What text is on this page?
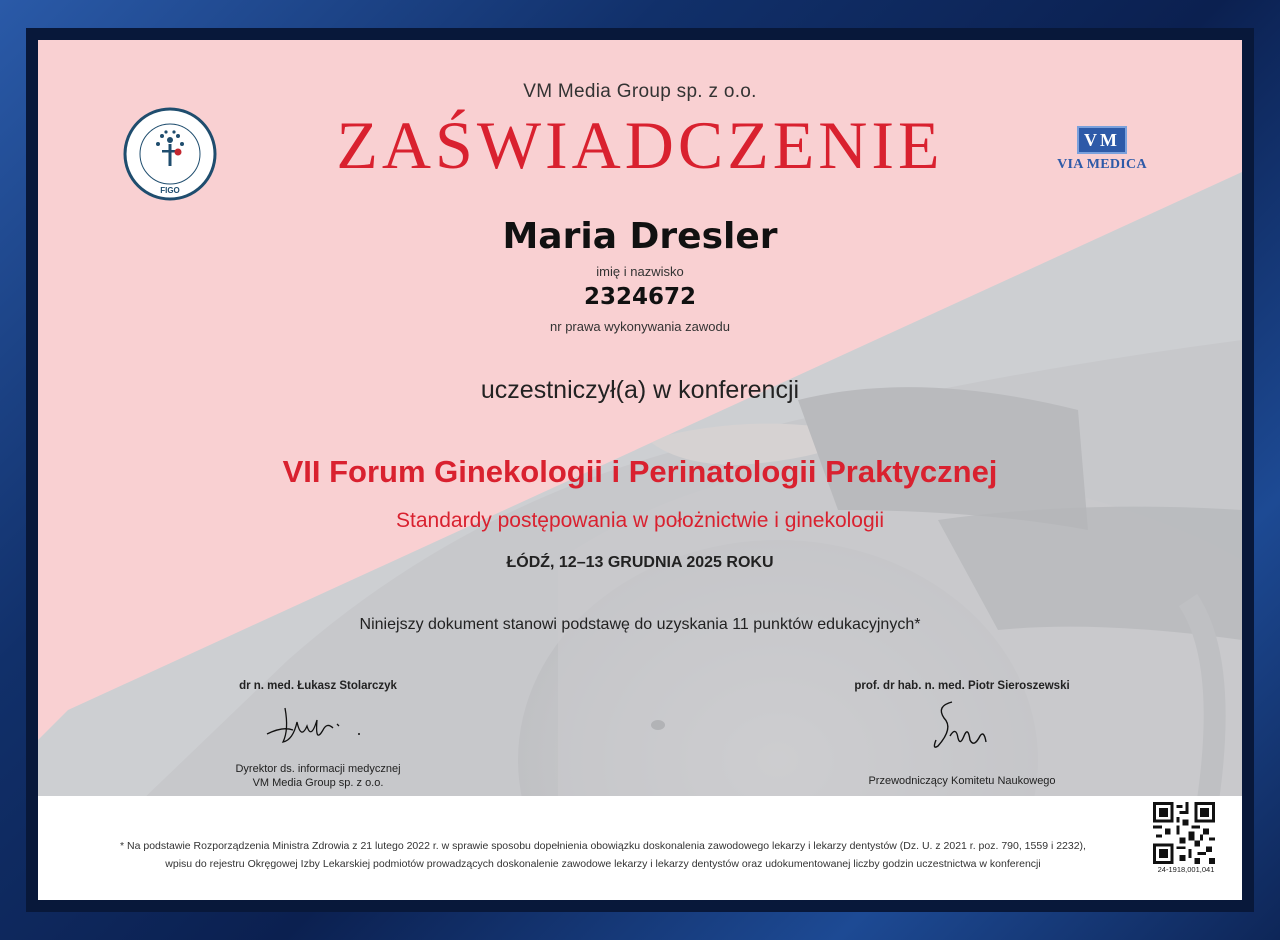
FIGO
VM
VIA MEDICA
VM Media Group sp. z o.o.
ZAŚWIADCZENIE
Maria Dresler
imię i nazwisko
2324672
nr prawa wykonywania zawodu
uczestniczył(a) w konferencji
VII Forum Ginekologii i Perinatologii Praktycznej
Standardy postępowania w położnictwie i ginekologii
ŁÓDŹ, 12–13 GRUDNIA 2025 ROKU
Niniejszy dokument stanowi podstawę do uzyskania 11 punktów edukacyjnych*
dr n. med. Łukasz Stolarczyk
Dyrektor ds. informacji medycznej
VM Media Group sp. z o.o.
prof. dr hab. n. med. Piotr Sieroszewski
Przewodniczący Komitetu Naukowego
* Na podstawie Rozporządzenia Ministra Zdrowia z 21 lutego 2022 r. w sprawie sposobu dopełnienia obowiązku doskonalenia zawodowego lekarzy i lekarzy dentystów (Dz. U. z 2021 r. poz. 790, 1559 i 2232),
wpisu do rejestru Okręgowej Izby Lekarskiej podmiotów prowadzących doskonalenie zawodowe lekarzy i lekarzy dentystów oraz udokumentowanej liczby godzin uczestnictwa w konferencji	24-1918,001,041
